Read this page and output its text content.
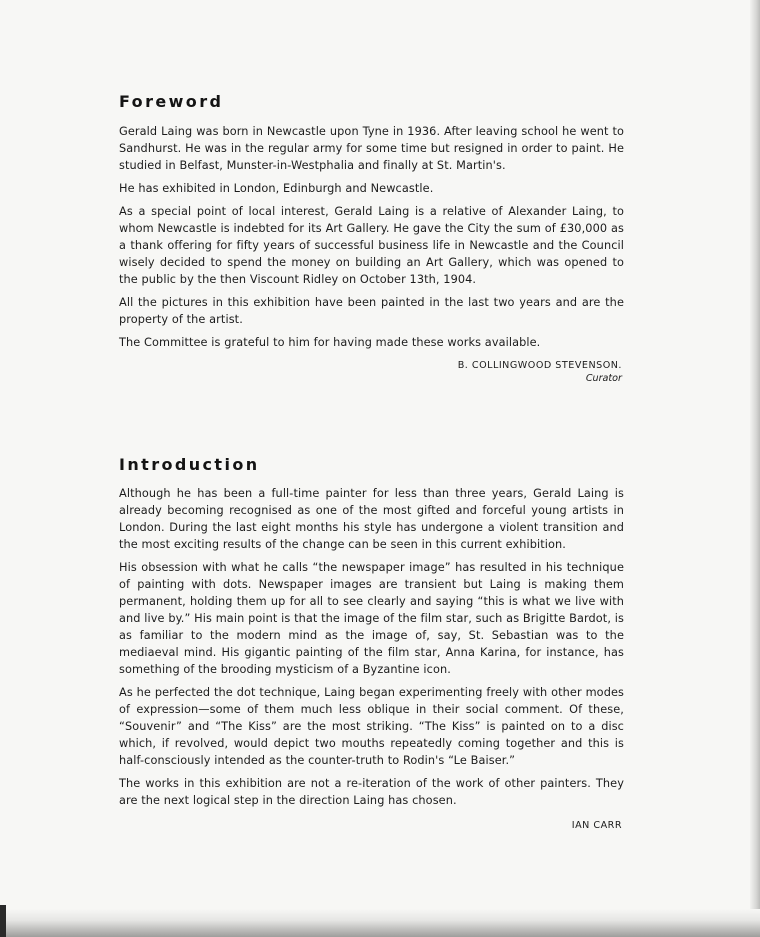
Foreword

Gerald Laing was born in Newcastle upon Tyne in 1936. After leaving school he went to Sandhurst. He was in the regular army for some time but resigned in order to paint. He studied in Belfast, Munster-in-Westphalia and finally at St. Martin's.

He has exhibited in London, Edinburgh and Newcastle.

As a special point of local interest, Gerald Laing is a relative of Alexander Laing, to whom Newcastle is indebted for its Art Gallery. He gave the City the sum of £30,000 as a thank offering for fifty years of successful business life in Newcastle and the Council wisely decided to spend the money on building an Art Gallery, which was opened to the public by the then Viscount Ridley on October 13th, 1904.

All the pictures in this exhibition have been painted in the last two years and are the property of the artist.

The Committee is grateful to him for having made these works available.

B. COLLINGWOOD STEVENSON.
Curator
Introduction

Although he has been a full-time painter for less than three years, Gerald Laing is already becoming recognised as one of the most gifted and forceful young artists in London. During the last eight months his style has undergone a violent transition and the most exciting results of the change can be seen in this current exhibition.

His obsession with what he calls “the newspaper image” has resulted in his technique of painting with dots. Newspaper images are transient but Laing is making them permanent, holding them up for all to see clearly and saying “this is what we live with and live by.” His main point is that the image of the film star, such as Brigitte Bardot, is as familiar to the modern mind as the image of, say, St. Sebastian was to the mediaeval mind. His gigantic painting of the film star, Anna Karina, for instance, has something of the brooding mysticism of a Byzantine icon.

As he perfected the dot technique, Laing began experimenting freely with other modes of expression—some of them much less oblique in their social comment. Of these, “Souvenir” and “The Kiss” are the most striking. “The Kiss” is painted on to a disc which, if revolved, would depict two mouths repeatedly coming together and this is half-consciously intended as the counter-truth to Rodin's “Le Baiser.”

The works in this exhibition are not a re-iteration of the work of other painters. They are the next logical step in the direction Laing has chosen.

IAN CARR
